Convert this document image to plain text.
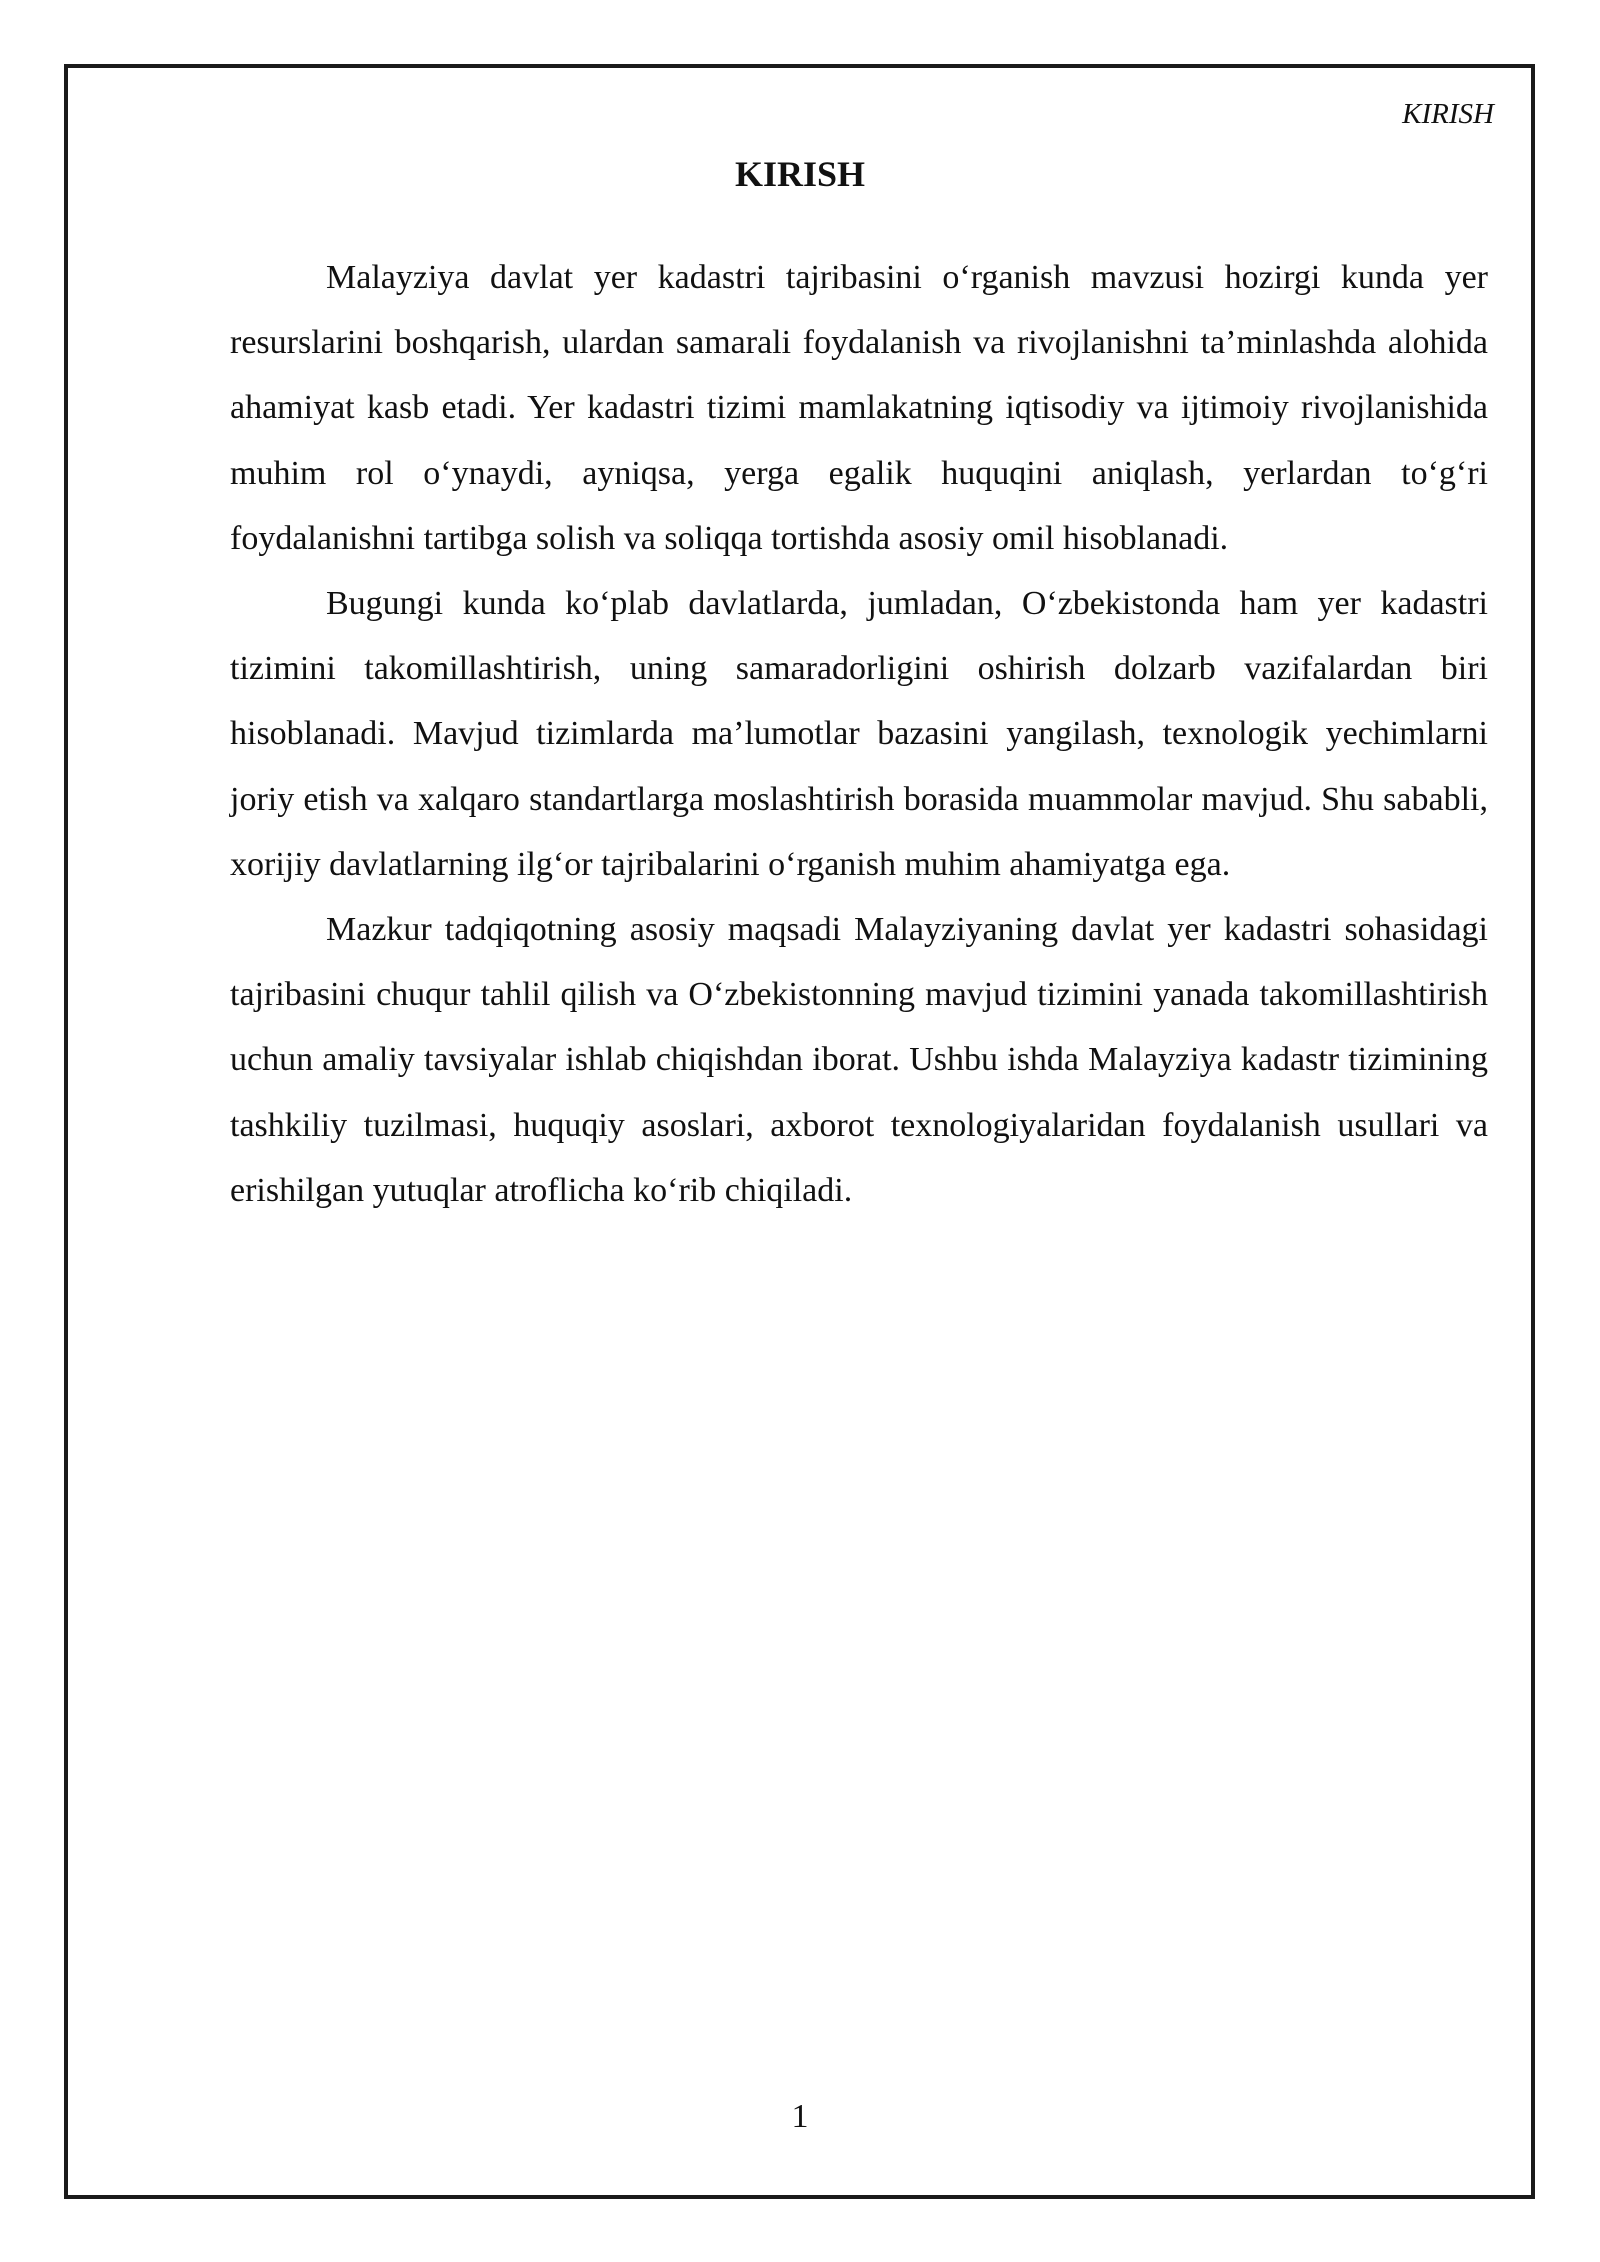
KIRISH
KIRISH

Malayziya davlat yer kadastri tajribasini o‘rganish mavzusi hozirgi kunda yer resurslarini boshqarish, ulardan samarali foydalanish va rivojlanishni ta’minlashda alohida ahamiyat kasb etadi. Yer kadastri tizimi mamlakatning iqtisodiy va ijtimoiy rivojlanishida muhim rol o‘ynaydi, ayniqsa, yerga egalik huquqini aniqlash, yerlardan to‘g‘ri foydalanishni tartibga solish va soliqqa tortishda asosiy omil hisoblanadi.

Bugungi kunda ko‘plab davlatlarda, jumladan, O‘zbekistonda ham yer kadastri tizimini takomillashtirish, uning samaradorligini oshirish dolzarb vazifalardan biri hisoblanadi. Mavjud tizimlarda ma’lumotlar bazasini yangilash, texnologik yechimlarni joriy etish va xalqaro standartlarga moslashtirish borasida muammolar mavjud. Shu sababli, xorijiy davlatlarning ilg‘or tajribalarini o‘rganish muhim ahamiyatga ega.

Mazkur tadqiqotning asosiy maqsadi Malayziyaning davlat yer kadastri sohasidagi tajribasini chuqur tahlil qilish va O‘zbekistonning mavjud tizimini yanada takomillashtirish uchun amaliy tavsiyalar ishlab chiqishdan iborat. Ushbu ishda Malayziya kadastr tizimining tashkiliy tuzilmasi, huquqiy asoslari, axborot texnologiyalaridan foydalanish usullari va erishilgan yutuqlar atroflicha ko‘rib chiqiladi.

1
